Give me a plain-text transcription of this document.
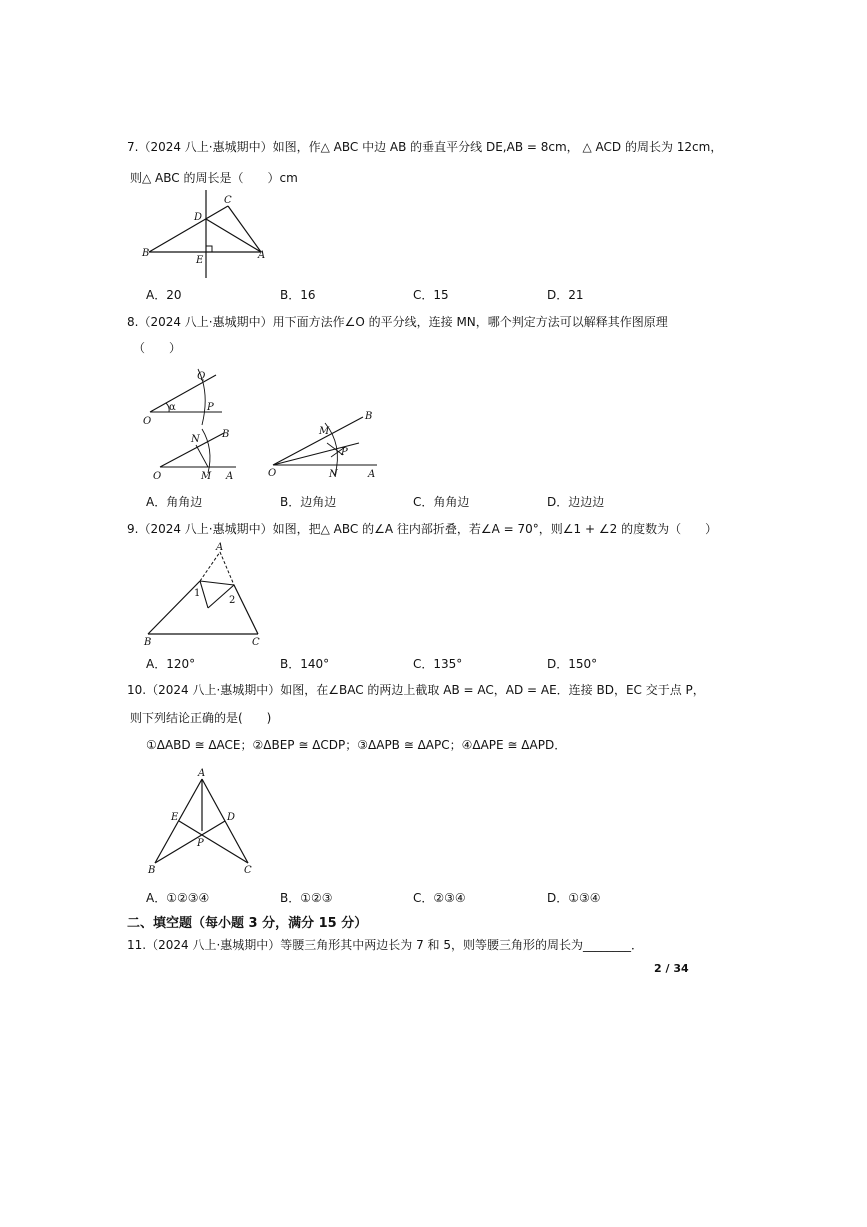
7.（2024 八上·惠城期中）如图，作△ ABC 中边 AB 的垂直平分线 DE,AB = 8cm， △ ACD 的周长为 12cm，
则△ ABC 的周长是（　　）cm
C
D
B
E	A
A．20	B．16	C．15	D．21
8.（2024 八上·惠城期中）用下面方法作∠O 的平分线，连接 MN，哪个判定方法可以解释其作图原理
（　　）
Q
α	P
O
N B
O	M A
B
M
P
O	N	A
A．角角边	B．边角边	C．角角边	D．边边边
9.（2024 八上·惠城期中）如图，把△ ABC 的∠A 往内部折叠，若∠A = 70°，则∠1 + ∠2 的度数为（　　）
A
1
2
B	C
A．120°	B．140°	C．135°	D．150°
10.（2024 八上·惠城期中）如图，在∠BAC 的两边上截取 AB = AC，AD = AE．连接 BD，EC 交于点 P，
则下列结论正确的是(　　)
①ΔABD ≅ ΔACE；②ΔBEP ≅ ΔCDP；③ΔAPB ≅ ΔAPC；④ΔAPE ≅ ΔAPD．
A
E	D
P
B	C
A．①②③④	B．①②③	C．②③④	D．①③④
二、填空题（每小题 3 分，满分 15 分）
11.（2024 八上·惠城期中）等腰三角形其中两边长为 7 和 5，则等腰三角形的周长为________．
2 / 34
